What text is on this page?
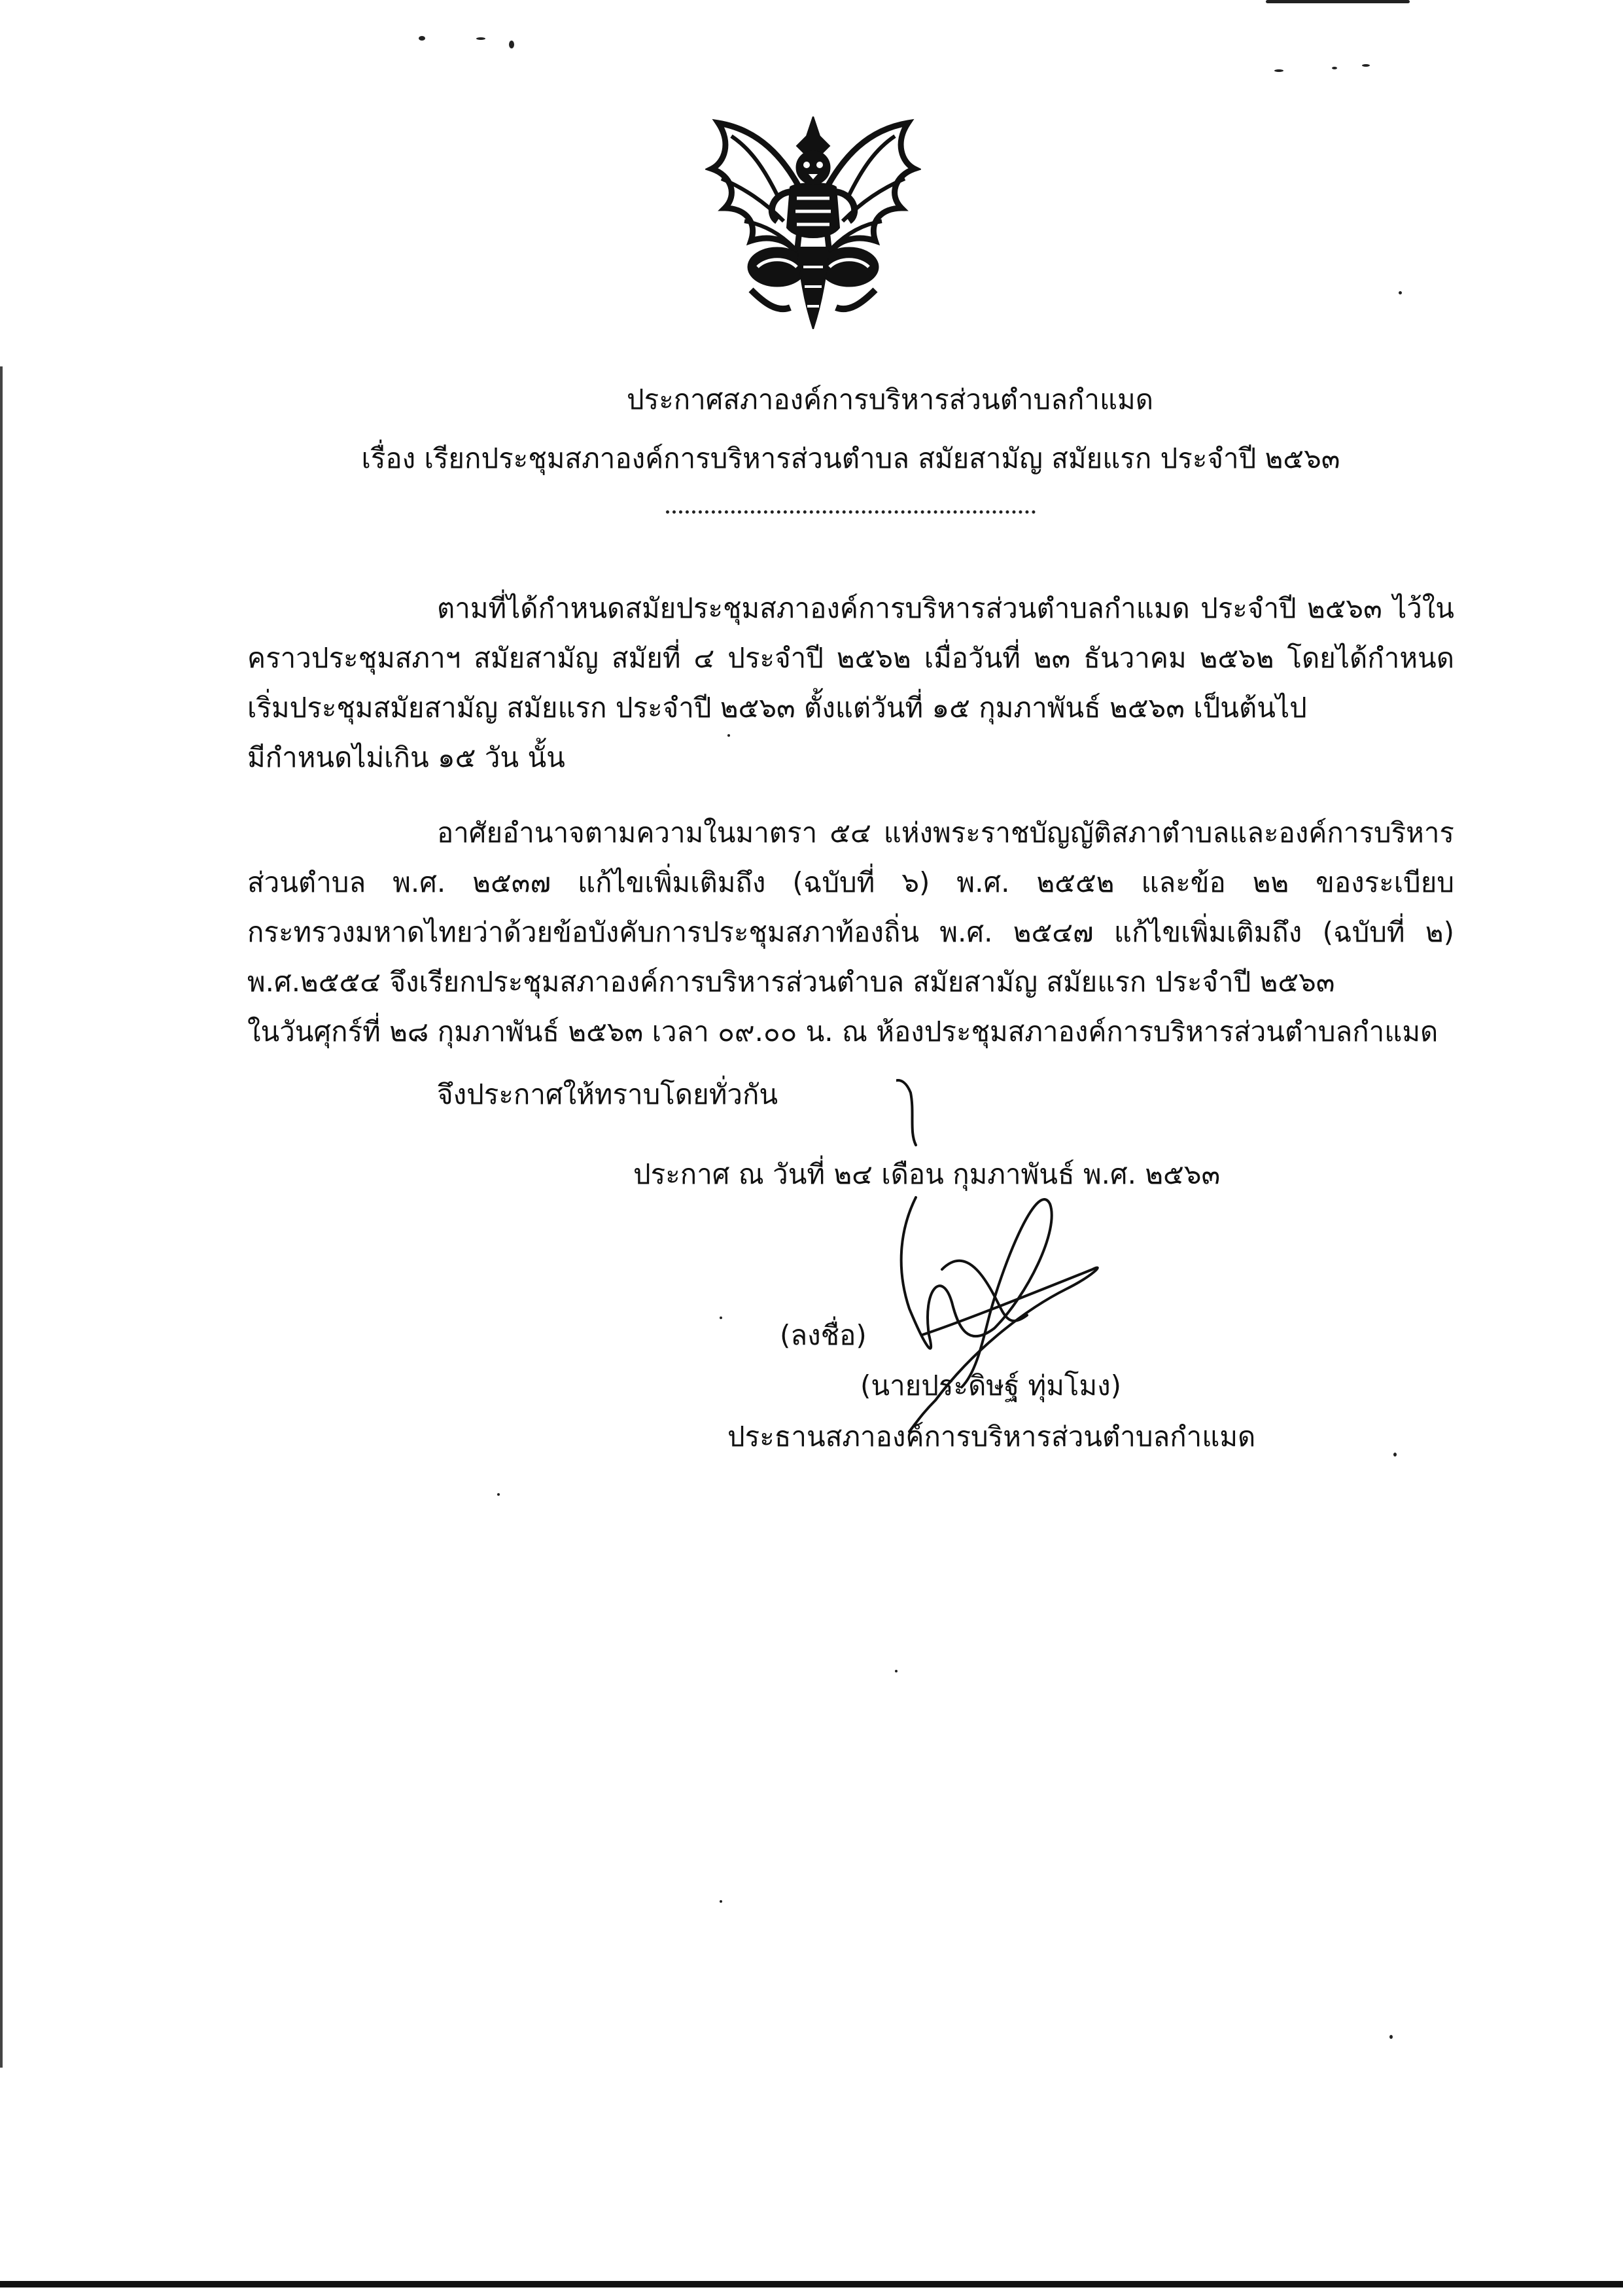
ประกาศสภาองค์การบริหารส่วนตำบลกำแมด
เรื่อง เรียกประชุมสภาองค์การบริหารส่วนตำบล สมัยสามัญ สมัยแรก ประจำปี ๒๕๖๓
ตามที่ได้กำหนดสมัยประชุมสภาองค์การบริหารส่วนตำบลกำแมด ประจำปี ๒๕๖๓ ไว้ใน
คราวประชุมสภาฯ สมัยสามัญ สมัยที่ ๔ ประจำปี ๒๕๖๒ เมื่อวันที่ ๒๓ ธันวาคม ๒๕๖๒ โดยได้กำหนด
เริ่มประชุมสมัยสามัญ สมัยแรก ประจำปี ๒๕๖๓ ตั้งแต่วันที่ ๑๕ กุมภาพันธ์ ๒๕๖๓ เป็นต้นไป
มีกำหนดไม่เกิน ๑๕ วัน นั้น
อาศัยอำนาจตามความในมาตรา ๕๔ แห่งพระราชบัญญัติสภาตำบลและองค์การบริหาร
ส่วนตำบล พ.ศ. ๒๕๓๗ แก้ไขเพิ่มเติมถึง (ฉบับที่ ๖) พ.ศ. ๒๕๕๒ และข้อ ๒๒ ของระเบียบ
กระทรวงมหาดไทยว่าด้วยข้อบังคับการประชุมสภาท้องถิ่น พ.ศ. ๒๕๔๗ แก้ไขเพิ่มเติมถึง (ฉบับที่ ๒)
พ.ศ.๒๕๕๔ จึงเรียกประชุมสภาองค์การบริหารส่วนตำบล สมัยสามัญ สมัยแรก ประจำปี ๒๕๖๓
ในวันศุกร์ที่ ๒๘ กุมภาพันธ์ ๒๕๖๓ เวลา ๐๙.๐๐ น. ณ ห้องประชุมสภาองค์การบริหารส่วนตำบลกำแมด
จึงประกาศให้ทราบโดยทั่วกัน
ประกาศ ณ วันที่ ๒๔ เดือน กุมภาพันธ์ พ.ศ. ๒๕๖๓
(ลงชื่อ)
(นายประดิษฐ์ ทุ่มโมง)
ประธานสภาองค์การบริหารส่วนตำบลกำแมด
